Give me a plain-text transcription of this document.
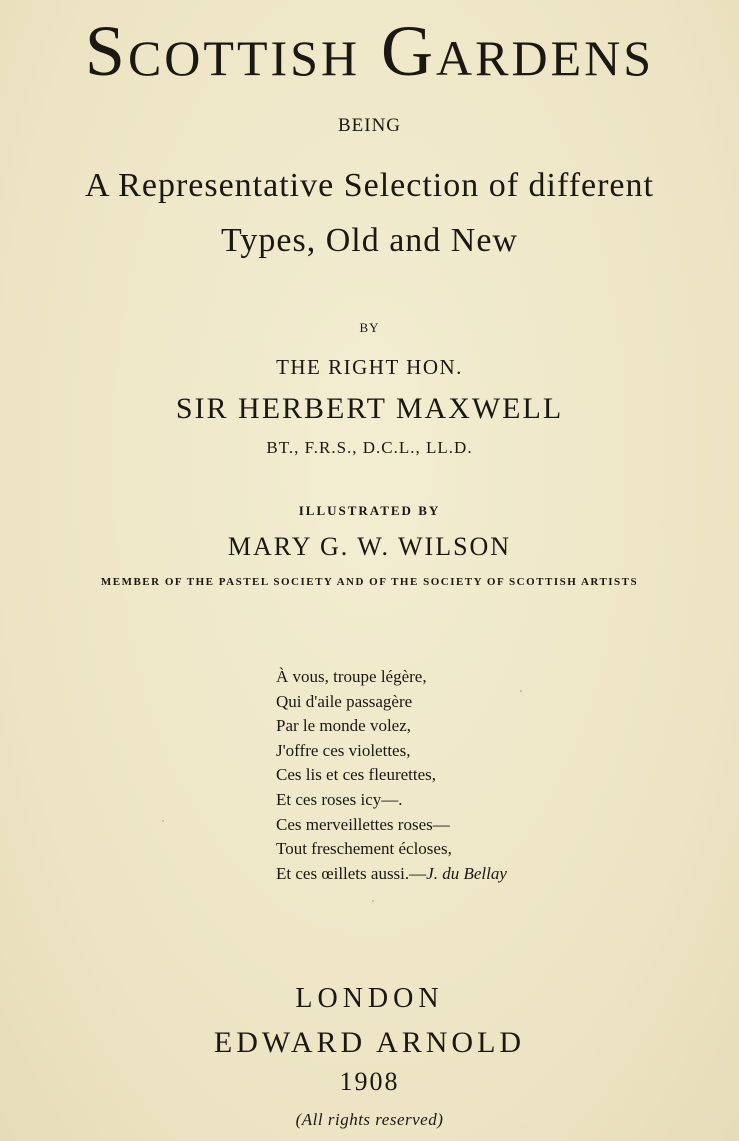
Scottish Gardens

BEING

A Representative Selection of different

Types, Old and New

BY

THE RIGHT HON.

SIR HERBERT MAXWELL

BT., F.R.S., D.C.L., LL.D.

ILLUSTRATED BY

MARY G. W. WILSON

MEMBER OF THE PASTEL SOCIETY AND OF THE SOCIETY OF SCOTTISH ARTISTS

À vous, troupe légère,
Qui d'aile passagère
Par le monde volez,
J'offre ces violettes,
Ces lis et ces fleurettes,
Et ces roses icy—.
Ces merveillettes roses—
Tout freschement écloses,
Et ces œillets aussi.—J. du Bellay

LONDON

EDWARD ARNOLD

1908

(All rights reserved)
